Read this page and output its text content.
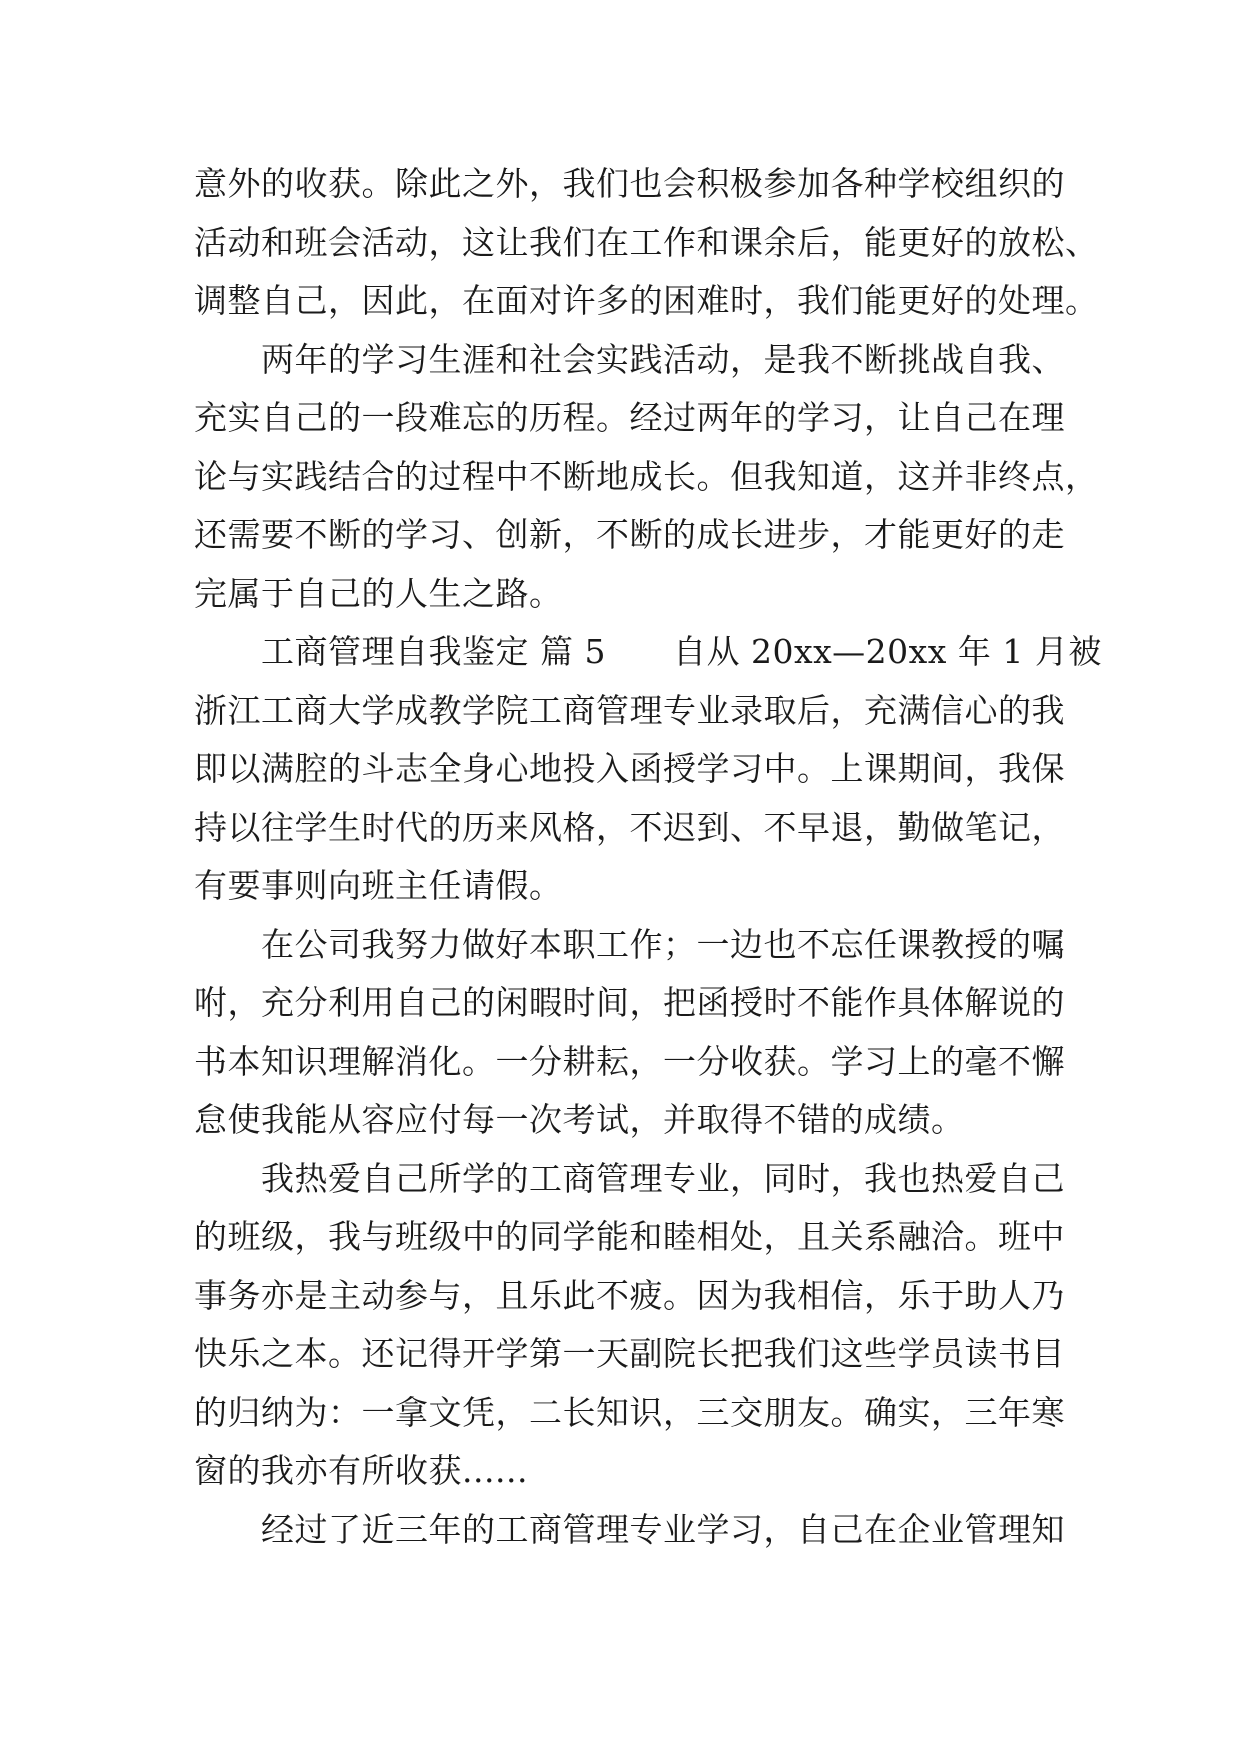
意外的收获。除此之外，我们也会积极参加各种学校组织的
活动和班会活动，这让我们在工作和课余后，能更好的放松、
调整自己，因此，在面对许多的困难时，我们能更好的处理。
　　两年的学习生涯和社会实践活动，是我不断挑战自我、
充实自己的一段难忘的历程。经过两年的学习，让自己在理
论与实践结合的过程中不断地成长。但我知道，这并非终点，
还需要不断的学习、创新，不断的成长进步，才能更好的走
完属于自己的人生之路。
　　工商管理自我鉴定 篇 5　　自从 20xx—20xx 年 1 月被
浙江工商大学成教学院工商管理专业录取后，充满信心的我
即以满腔的斗志全身心地投入函授学习中。上课期间，我保
持以往学生时代的历来风格，不迟到、不早退，勤做笔记，
有要事则向班主任请假。
　　在公司我努力做好本职工作；一边也不忘任课教授的嘱
咐，充分利用自己的闲暇时间，把函授时不能作具体解说的
书本知识理解消化。一分耕耘，一分收获。学习上的毫不懈
怠使我能从容应付每一次考试，并取得不错的成绩。
　　我热爱自己所学的工商管理专业，同时，我也热爱自己
的班级，我与班级中的同学能和睦相处，且关系融洽。班中
事务亦是主动参与，且乐此不疲。因为我相信，乐于助人乃
快乐之本。还记得开学第一天副院长把我们这些学员读书目
的归纳为：一拿文凭，二长知识，三交朋友。确实，三年寒
窗的我亦有所收获......
　　经过了近三年的工商管理专业学习，自己在企业管理知
